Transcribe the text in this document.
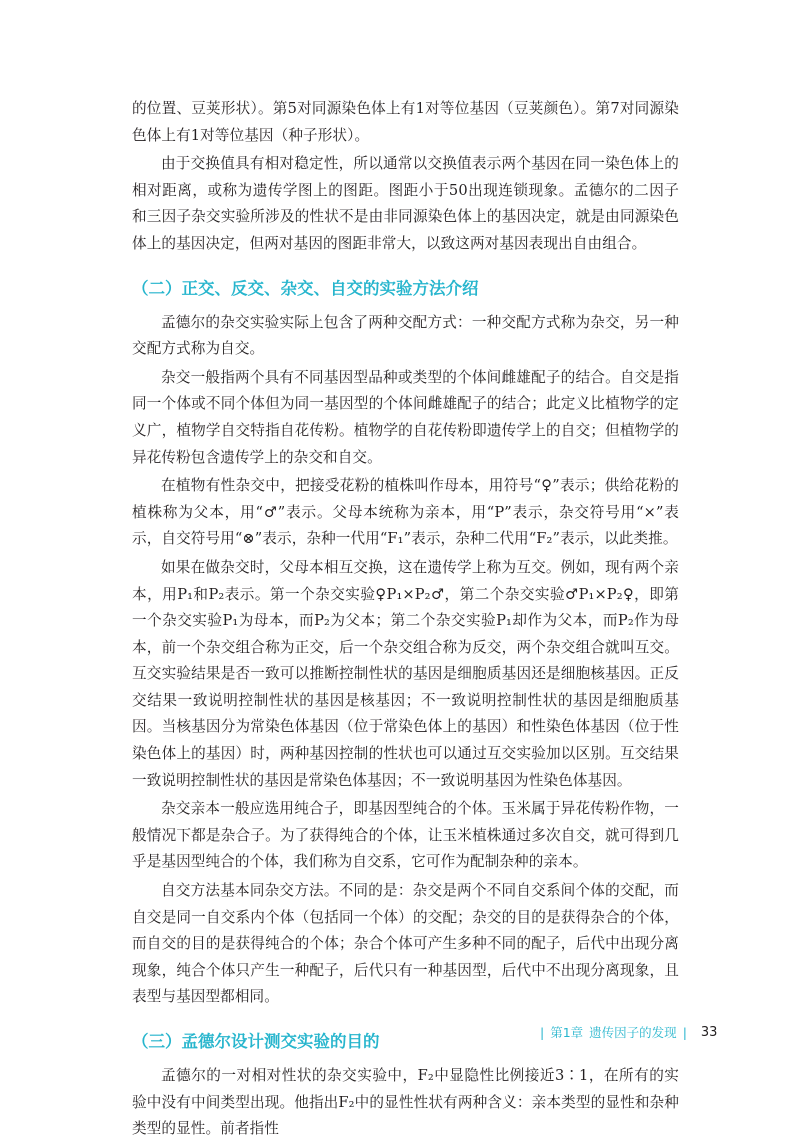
的位置、豆荚形状）。第5对同源染色体上有1对等位基因（豆荚颜色）。第7对同源染色体上有1对等位基因（种子形状）。

由于交换值具有相对稳定性，所以通常以交换值表示两个基因在同一染色体上的相对距离，或称为遗传学图上的图距。图距小于50出现连锁现象。孟德尔的二因子和三因子杂交实验所涉及的性状不是由非同源染色体上的基因决定，就是由同源染色体上的基因决定，但两对基因的图距非常大，以致这两对基因表现出自由组合。

（二）正交、反交、杂交、自交的实验方法介绍

孟德尔的杂交实验实际上包含了两种交配方式：一种交配方式称为杂交，另一种交配方式称为自交。

杂交一般指两个具有不同基因型品种或类型的个体间雌雄配子的结合。自交是指同一个体或不同个体但为同一基因型的个体间雌雄配子的结合；此定义比植物学的定义广，植物学自交特指自花传粉。植物学的自花传粉即遗传学上的自交；但植物学的异花传粉包含遗传学上的杂交和自交。

在植物有性杂交中，把接受花粉的植株叫作母本，用符号“♀”表示；供给花粉的植株称为父本，用“♂”表示。父母本统称为亲本，用“P”表示，杂交符号用“×”表示，自交符号用“⊗”表示，杂种一代用“F₁”表示，杂种二代用“F₂”表示，以此类推。

如果在做杂交时，父母本相互交换，这在遗传学上称为互交。例如，现有两个亲本，用P₁和P₂表示。第一个杂交实验♀P₁×P₂♂，第二个杂交实验♂P₁×P₂♀，即第一个杂交实验P₁为母本，而P₂为父本；第二个杂交实验P₁却作为父本，而P₂作为母本，前一个杂交组合称为正交，后一个杂交组合称为反交，两个杂交组合就叫互交。互交实验结果是否一致可以推断控制性状的基因是细胞质基因还是细胞核基因。正反交结果一致说明控制性状的基因是核基因；不一致说明控制性状的基因是细胞质基因。当核基因分为常染色体基因（位于常染色体上的基因）和性染色体基因（位于性染色体上的基因）时，两种基因控制的性状也可以通过互交实验加以区别。互交结果一致说明控制性状的基因是常染色体基因；不一致说明基因为性染色体基因。

杂交亲本一般应选用纯合子，即基因型纯合的个体。玉米属于异花传粉作物，一般情况下都是杂合子。为了获得纯合的个体，让玉米植株通过多次自交，就可得到几乎是基因型纯合的个体，我们称为自交系，它可作为配制杂种的亲本。

自交方法基本同杂交方法。不同的是：杂交是两个不同自交系间个体的交配，而自交是同一自交系内个体（包括同一个体）的交配；杂交的目的是获得杂合的个体，而自交的目的是获得纯合的个体；杂合个体可产生多种不同的配子，后代中出现分离现象，纯合个体只产生一种配子，后代只有一种基因型，后代中不出现分离现象，且表型与基因型都相同。

（三）孟德尔设计测交实验的目的

孟德尔的一对相对性状的杂交实验中，F₂中显隐性比例接近3∶1，在所有的实验中没有中间类型出现。他指出F₂中的显性性状有两种含义：亲本类型的显性和杂种类型的显性。前者指性

| 第1章 遗传因子的发现 | 33
